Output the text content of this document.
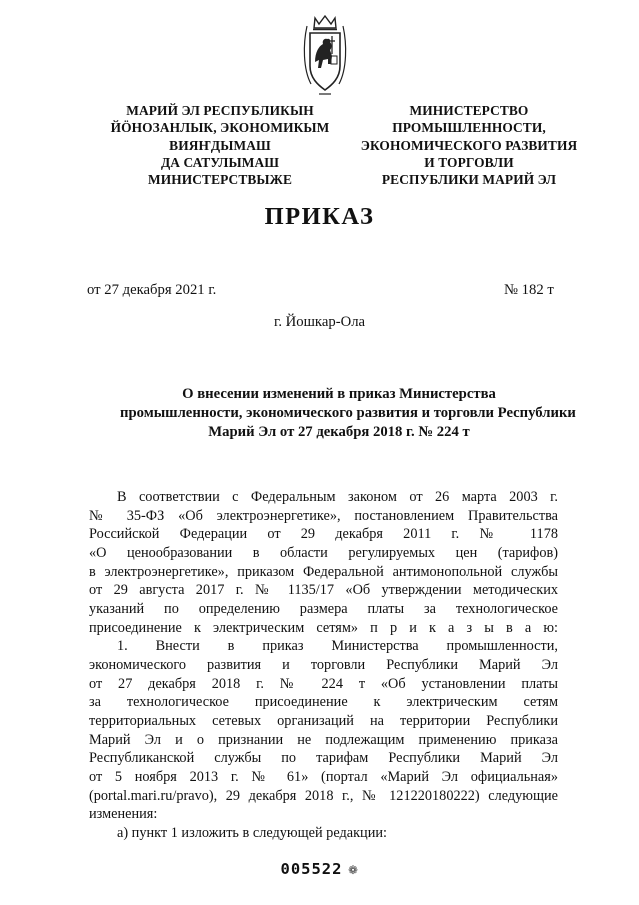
МАРИЙ ЭЛ РЕСПУБЛИКЫН
ЙӦНОЗАНЛЫК, ЭКОНОМИКЫМ
ВИЯҤДЫМАШ
ДА САТУЛЫМАШ
МИНИСТЕРСТВЫЖЕ
МИНИСТЕРСТВО
ПРОМЫШЛЕННОСТИ,
ЭКОНОМИЧЕСКОГО РАЗВИТИЯ
И ТОРГОВЛИ
РЕСПУБЛИКИ МАРИЙ ЭЛ
ПРИКАЗ
от 27 декабря 2021 г.	№ 182 т
г. Йошкар-Ола
О внесении изменений в приказ Министерства
промышленности, экономического развития и торговли Республики
Марий Эл от 27 декабря 2018 г. № 224 т
В соответствии с Федеральным законом от 26 марта 2003 г.
№ 35-ФЗ «Об электроэнергетике», постановлением Правительства
Российской Федерации от 29 декабря 2011 г. № 1178
«О ценообразовании в области регулируемых цен (тарифов)
в электроэнергетике», приказом Федеральной антимонопольной службы
от 29 августа 2017 г. № 1135/17 «Об утверждении методических
указаний по определению размера платы за технологическое
присоединение к электрическим сетям» п р и к а з ы в а ю:
1. Внести в приказ Министерства промышленности,
экономического развития и торговли Республики Марий Эл
от 27 декабря 2018 г. № 224 т «Об установлении платы
за технологическое присоединение к электрическим сетям
территориальных сетевых организаций на территории Республики
Марий Эл и о признании не подлежащим применению приказа
Республиканской службы по тарифам Республики Марий Эл
от 5 ноября 2013 г. № 61» (портал «Марий Эл официальная»
(portal.mari.ru/pravo), 29 декабря 2018 г., № 121220180222) следующие
изменения:
а) пункт 1 изложить в следующей редакции:
005522 ❁
